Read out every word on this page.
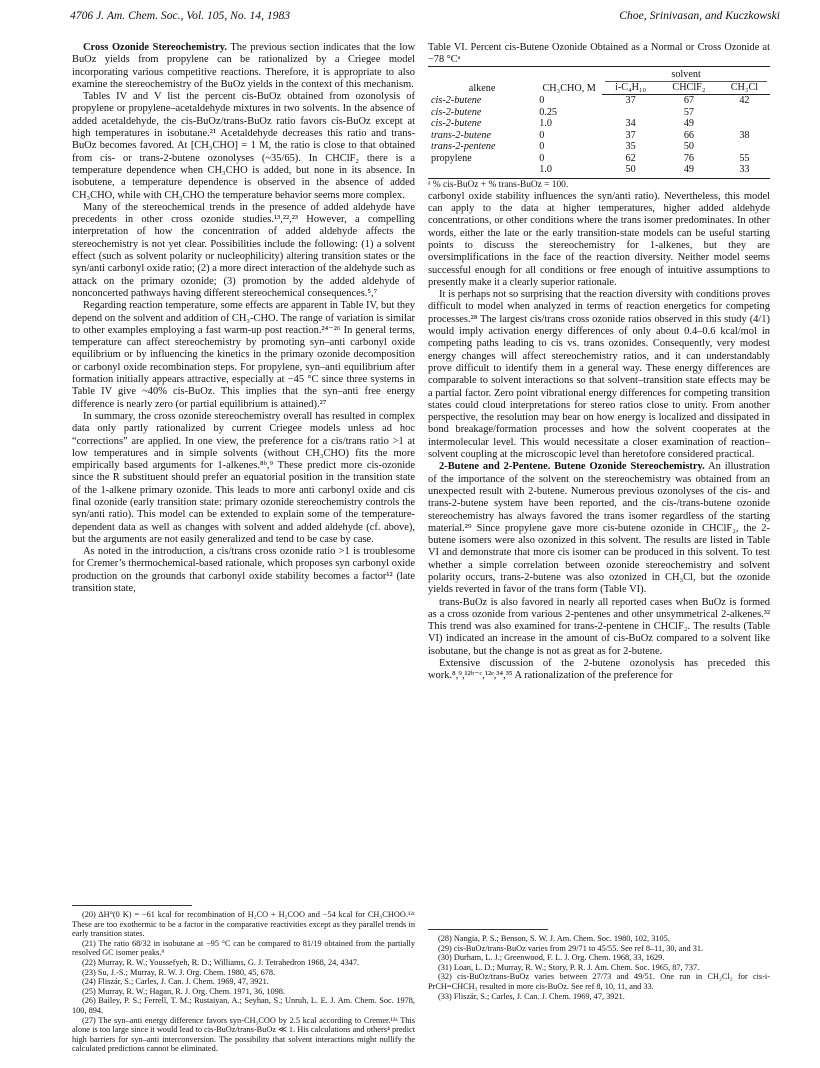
4706 J. Am. Chem. Soc., Vol. 105, No. 14, 1983	Choe, Srinivasan, and Kuczkowski

Cross Ozonide Stereochemistry. The previous section indicates that the low BuOz yields from propylene can be rationalized by a Criegee model incorporating various competitive reactions. Therefore, it is appropriate to also examine the stereochemistry of the BuOz yields in the context of this mechanism.

Tables IV and V list the percent cis-BuOz obtained from ozonolysis of propylene or propylene–acetaldehyde mixtures in two solvents. In the absence of added acetaldehyde, the cis-BuOz/trans-BuOz ratio favors cis-BuOz except at high temperatures in isobutane.²¹ Acetaldehyde decreases this ratio and trans-BuOz becomes favored. At [CH₃CHO] = 1 M, the ratio is close to that obtained from cis- or trans-2-butene ozonolyses (~35/65). In CHClF₂ there is a temperature dependence when CH₃CHO is added, but none in its absence. In isobutene, a temperature dependence is observed in the absence of added CH₃CHO, while with CH₃CHO the temperature behavior seems more complex.

Many of the stereochemical trends in the presence of added aldehyde have precedents in other cross ozonide studies.¹³,²²,²³ However, a compelling interpretation of how the concentration of added aldehyde affects the stereochemistry is not yet clear. Possibilities include the following: (1) a solvent effect (such as solvent polarity or nucleophilicity) altering transition states or the syn/anti carbonyl oxide ratio; (2) a more direct interaction of the aldehyde such as attack on the primary ozonide; (3) promotion by the added aldehyde of nonconcerted pathways having different stereochemical consequences.⁵,⁷

Regarding reaction temperature, some effects are apparent in Table IV, but they depend on the solvent and addition of CH₃-CHO. The range of variation is similar to other examples employing a fast warm-up post reaction.²⁴⁻²⁶ In general terms, temperature can affect stereochemistry by promoting syn–anti carbonyl oxide equilibrium or by influencing the kinetics in the primary ozonide decomposition or carbonyl oxide recombination steps. For propylene, syn–anti equilibrium after formation initially appears attractive, especially at −45 °C since three systems in Table IV give ~40% cis-BuOz. This implies that the syn–anti free energy difference is nearly zero (or partial equilibrium is attained).²⁷

In summary, the cross ozonide stereochemistry overall has resulted in complex data only partly rationalized by current Criegee models unless ad hoc “corrections” are applied. In one view, the preference for a cis/trans ratio >1 at low temperatures and in simple solvents (without CH₃CHO) fits the more empirically based arguments for 1-alkenes.⁸ᵇ,⁹ These predict more cis-ozonide since the R substituent should prefer an equatorial position in the transition state of the 1-alkene primary ozonide. This leads to more anti carbonyl oxide and cis final ozonide (early transition state: primary ozonide stereochemistry controls the syn/anti ratio). This model can be extended to explain some of the temperature-dependent data as well as changes with solvent and added aldehyde (cf. above), but the arguments are not easily generalized and tend to be case by case.

As noted in the introduction, a cis/trans cross ozonide ratio >1 is troublesome for Cremer’s thermochemical-based rationale, which proposes syn carbonyl oxide production on the grounds that carbonyl oxide stability becomes a factor¹² (late transition state,

(20) ΔH°(0 K) = −61 kcal for recombination of H₂CO + H₂COO and −54 kcal for CH₃CHOO.¹²ᶜ These are too exothermic to be a factor in the comparative reactivities except as they parallel trends in early transition states.

(21) The ratio 68/32 in isobutane at −95 °C can be compared to 81/19 obtained from the partially resolved GC isomer peaks.⁹

(22) Murray, R. W.; Youssefyeh, R. D.; Williams, G. J. Tetrahedron 1968, 24, 4347.

(23) Su, J.-S.; Murray, R. W. J. Org. Chem. 1980, 45, 678.

(24) Fliszár, S.; Carles, J. Can. J. Chem. 1969, 47, 3921.

(25) Murray, R. W.; Hagan, R. J. Org. Chem. 1971, 36, 1098.

(26) Bailey, P. S.; Ferrell, T. M.; Rustaiyan, A.; Seyhan, S.; Unruh, L. E. J. Am. Chem. Soc. 1978, 100, 894.

(27) The syn–anti energy difference favors syn-CH₃COO by 2.5 kcal according to Cremer.¹²ᵃ This alone is too large since it would lead to cis-BuOz/trans-BuOz ≪ 1. His calculations and others⁴ predict high barriers for syn–anti interconversion. The possibility that solvent interactions might nullify the calculated predictions cannot be eliminated.

Table VI. Percent cis-Butene Ozonide Obtained as a Normal or Cross Ozonide at −78 °Cᵃ

alkene	CH₃CHO, M	solvent		

		i-C₄H₁₀	CHClF₂	CH₃Cl
cis-2-butene	0	37	67	42
cis-2-butene	0.25		57	
cis-2-butene	1.0	34	49	
trans-2-butene	0	37	66	38
trans-2-pentene	0	35	50	
propylene	0	62	76	55
	1.0	50	49	33

ᵃ % cis-BuOz + % trans-BuOz = 100.

carbonyl oxide stability influences the syn/anti ratio). Nevertheless, this model can apply to the data at higher temperatures, higher added aldehyde concentrations, or other conditions where the trans isomer predominates. In other words, either the late or the early transition-state models can be useful starting points to discuss the stereochemistry for 1-alkenes, but they are oversimplifications in the face of the reaction diversity. Neither model seems successful enough for all conditions or free enough of intuitive assumptions to presently make it a clearly superior rationale.

It is perhaps not so surprising that the reaction diversity with conditions proves difficult to model when analyzed in terms of reaction energetics for competing processes.²⁸ The largest cis/trans cross ozonide ratios observed in this study (4/1) would imply activation energy differences of only about 0.4–0.6 kcal/mol in competing paths leading to cis vs. trans ozonides. Consequently, very modest energy changes will affect stereochemistry ratios, and it can understandably prove difficult to identify them in a general way. These energy differences are comparable to solvent interactions so that solvent–transition state effects may be a partial factor. Zero point vibrational energy differences for competing transition states could cloud interpretations for stereo ratios close to unity. From another perspective, the resolution may bear on how energy is localized and dissipated in bond breakage/formation processes and how the solvent cooperates at the intermolecular level. This would necessitate a closer examination of reaction–solvent coupling at the microscopic level than heretofore considered practical.

2-Butene and 2-Pentene. Butene Ozonide Stereochemistry. An illustration of the importance of the solvent on the stereochemistry was obtained from an unexpected result with 2-butene. Numerous previous ozonolyses of the cis- and trans-2-butene system have been reported, and the cis-/trans-butene ozonide stereochemistry has always favored the trans isomer regardless of the starting material.²⁹ Since propylene gave more cis-butene ozonide in CHClF₂, the 2-butene isomers were also ozonized in this solvent. The results are listed in Table VI and demonstrate that more cis isomer can be produced in this solvent. To test whether a simple correlation between ozonide stereochemistry and solvent polarity occurs, trans-2-butene was also ozonized in CH₃Cl, but the ozonide yields reverted in favor of the trans form (Table VI).

trans-BuOz is also favored in nearly all reported cases when BuOz is formed as a cross ozonide from various 2-pentenes and other unsymmetrical 2-alkenes.³² This trend was also examined for trans-2-pentene in CHClF₂. The results (Table VI) indicated an increase in the amount of cis-BuOz compared to a solvent like isobutane, but the change is not as great as for 2-butene.

Extensive discussion of the 2-butene ozonolysis has preceded this work.⁸,⁹,¹²ᵇ⁻ᶜ,¹²ᵉ,³⁴,³⁵ A rationalization of the preference for

(28) Nangia, P. S.; Benson, S. W. J. Am. Chem. Soc. 1980, 102, 3105.

(29) cis-BuOz/trans-BuOz varies from 29/71 to 45/55. See ref 8–11, 30, and 31.

(30) Durham, L. J.; Greenwood, F. L. J. Org. Chem. 1968, 33, 1629.

(31) Loan, L. D.; Murray, R. W.; Story, P. R. J. Am. Chem. Soc. 1965, 87, 737.

(32) cis-BuOz/trans-BuOz varies between 27/73 and 49/51. One run in CH₂Cl₂ for cis-i-PrCH=CHCH₃ resulted in more cis-BuOz. See ref 8, 10, 11, and 33.

(33) Fliszár, S.; Carles, J. Can. J. Chem. 1969, 47, 3921.
